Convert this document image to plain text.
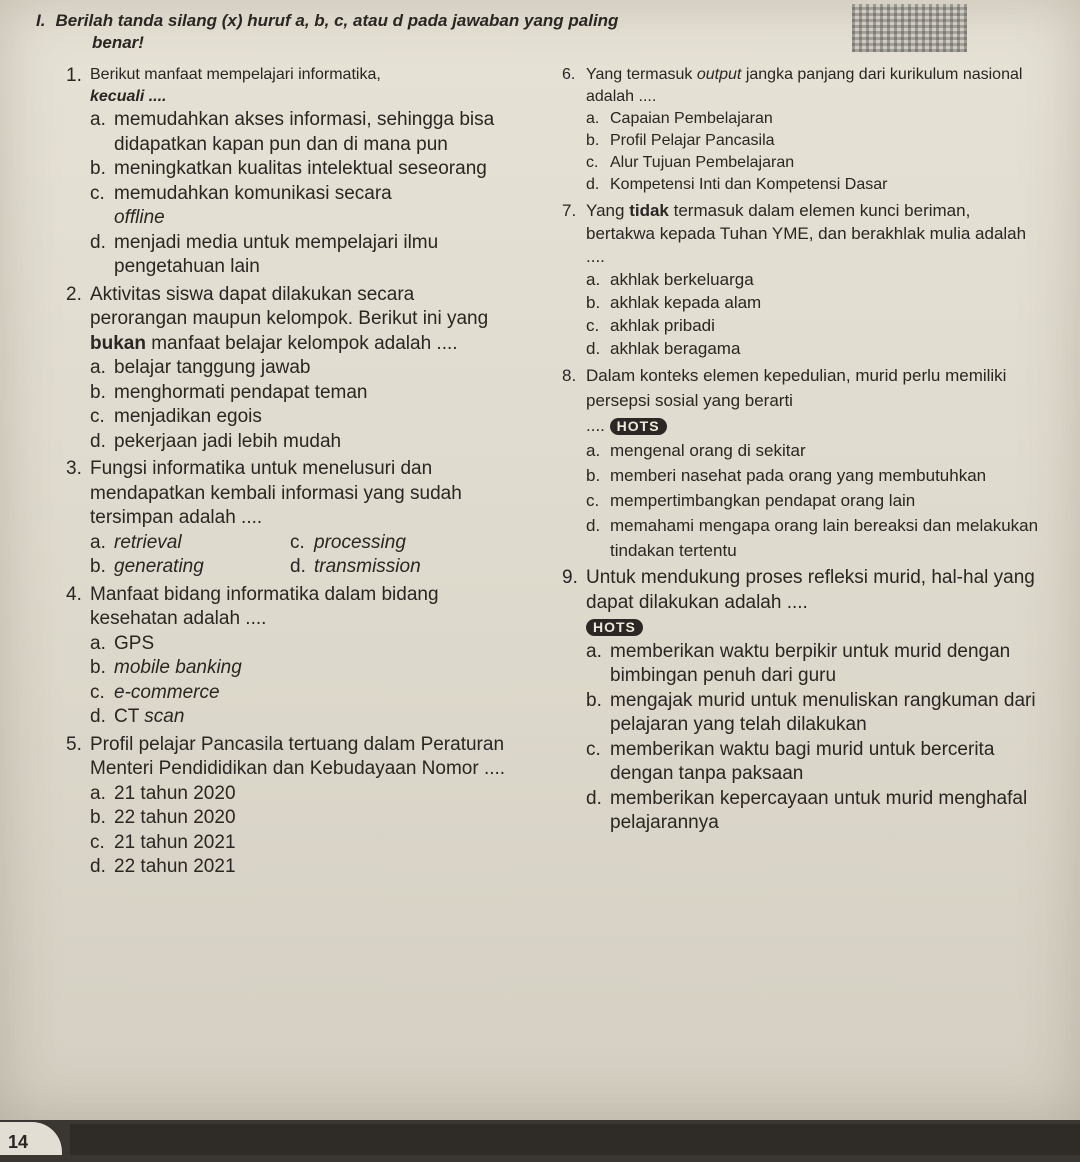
I. Berilah tanda silang (x) huruf a, b, c, atau d pada jawaban yang paling
benar!
1. Berikut manfaat mempelajari informatika,
kecuali ....
a. memudahkan akses informasi, sehingga bisa didapatkan kapan pun dan di mana pun
b. meningkatkan kualitas intelektual seseorang
c. memudahkan komunikasi secara
offline
d. menjadi media untuk mempelajari ilmu pengetahuan lain
2. Aktivitas siswa dapat dilakukan secara perorangan maupun kelompok. Berikut ini yang bukan manfaat belajar kelompok adalah ....
a. belajar tanggung jawab
b. menghormati pendapat teman
c. menjadikan egois
d. pekerjaan jadi lebih mudah
3. Fungsi informatika untuk menelusuri dan mendapatkan kembali informasi yang sudah tersimpan adalah ....
a. retrieval	c. processing
b. generating	d. transmission
4. Manfaat bidang informatika dalam bidang kesehatan adalah ....
a. GPS
b. mobile banking
c. e-commerce
d. CT scan
5. Profil pelajar Pancasila tertuang dalam Peraturan Menteri Pendididikan dan Kebudayaan Nomor ....
a. 21 tahun 2020
b. 22 tahun 2020
c. 21 tahun 2021
d. 22 tahun 2021
6. Yang termasuk output jangka panjang dari kurikulum nasional adalah ....
a. Capaian Pembelajaran
b. Profil Pelajar Pancasila
c. Alur Tujuan Pembelajaran
d. Kompetensi Inti dan Kompetensi Dasar
7. Yang tidak termasuk dalam elemen kunci beriman, bertakwa kepada Tuhan YME, dan berakhlak mulia adalah ....
a. akhlak berkeluarga
b. akhlak kepada alam
c. akhlak pribadi
d. akhlak beragama
8. Dalam konteks elemen kepedulian, murid perlu memiliki persepsi sosial yang berarti
.... HOTS
a. mengenal orang di sekitar
b. memberi nasehat pada orang yang membutuhkan
c. mempertimbangkan pendapat orang lain
d. memahami mengapa orang lain bereaksi dan melakukan tindakan tertentu
9. Untuk mendukung proses refleksi murid, hal-hal yang dapat dilakukan adalah ....
HOTS
a. memberikan waktu berpikir untuk murid dengan bimbingan penuh dari guru
b. mengajak murid untuk menuliskan rangkuman dari pelajaran yang telah dilakukan
c. memberikan waktu bagi murid untuk bercerita dengan tanpa paksaan
d. memberikan kepercayaan untuk murid menghafal pelajarannya
14
